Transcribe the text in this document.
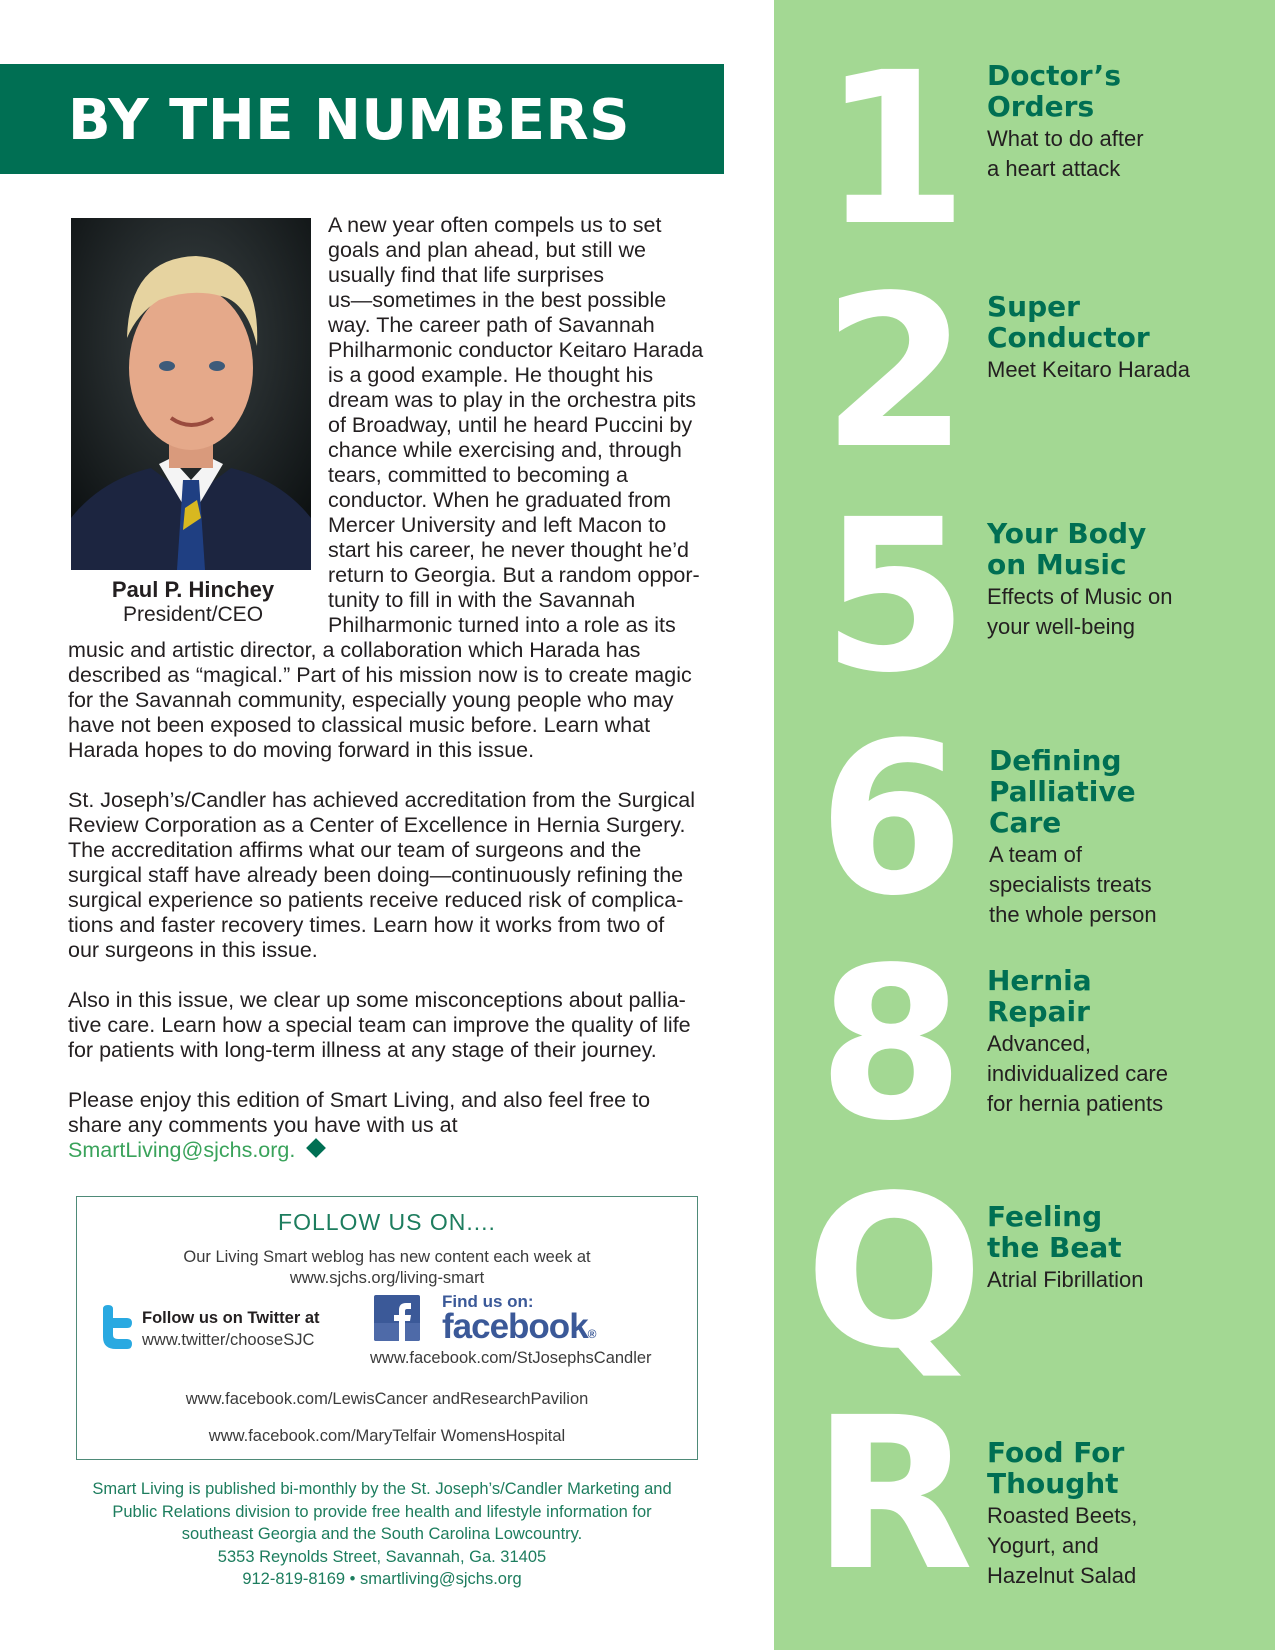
BY THE NUMBERS
Paul P. Hinchey
President/CEO
A new year often compels us to set
goals and plan ahead, but still we
usually find that life surprises
us—sometimes in the best possible
way. The career path of Savannah
Philharmonic conductor Keitaro Harada
is a good example. He thought his
dream was to play in the orchestra pits
of Broadway, until he heard Puccini by
chance while exercising and, through
tears, committed to becoming a
conductor. When he graduated from
Mercer University and left Macon to
start his career, he never thought he’d
return to Georgia. But a random oppor-
tunity to fill in with the Savannah
Philharmonic turned into a role as its
music and artistic director, a collaboration which Harada has
described as “magical.” Part of his mission now is to create magic
for the Savannah community, especially young people who may
have not been exposed to classical music before. Learn what
Harada hopes to do moving forward in this issue.
St. Joseph’s/Candler has achieved accreditation from the Surgical
Review Corporation as a Center of Excellence in Hernia Surgery.
The accreditation affirms what our team of surgeons and the
surgical staff have already been doing—continuously refining the
surgical experience so patients receive reduced risk of complica-
tions and faster recovery times. Learn how it works from two of
our surgeons in this issue.
Also in this issue, we clear up some misconceptions about pallia-
tive care. Learn how a special team can improve the quality of life
for patients with long-term illness at any stage of their journey.
Please enjoy this edition of Smart Living, and also feel free to
share any comments you have with us at
SmartLiving@sjchs.org.
FOLLOW US ON....
Our Living Smart weblog has new content each week at
www.sjchs.org/living-smart
Follow us on Twitter at
www.twitter/chooseSJC
Find us on:
facebook®
www.facebook.com/StJosephsCandler
www.facebook.com/LewisCancer andResearchPavilion
www.facebook.com/MaryTelfair WomensHospital
Smart Living is published bi-monthly by the St. Joseph’s/Candler Marketing and
Public Relations division to provide free health and lifestyle information for
southeast Georgia and the South Carolina Lowcountry.
5353 Reynolds Street, Savannah, Ga. 31405
912-819-8169 • smartliving@sjchs.org
1
2
5
6
8
Q
R
Doctor’s
Orders
What to do after
a heart attack
Super
Conductor
Meet Keitaro Harada
Your Body
on Music
Effects of Music on
your well-being
Defining
Palliative
Care
A team of
specialists treats
the whole person
Hernia
Repair
Advanced,
individualized care
for hernia patients
Feeling
the Beat
Atrial Fibrillation
Food For
Thought
Roasted Beets,
Yogurt, and
Hazelnut Salad
